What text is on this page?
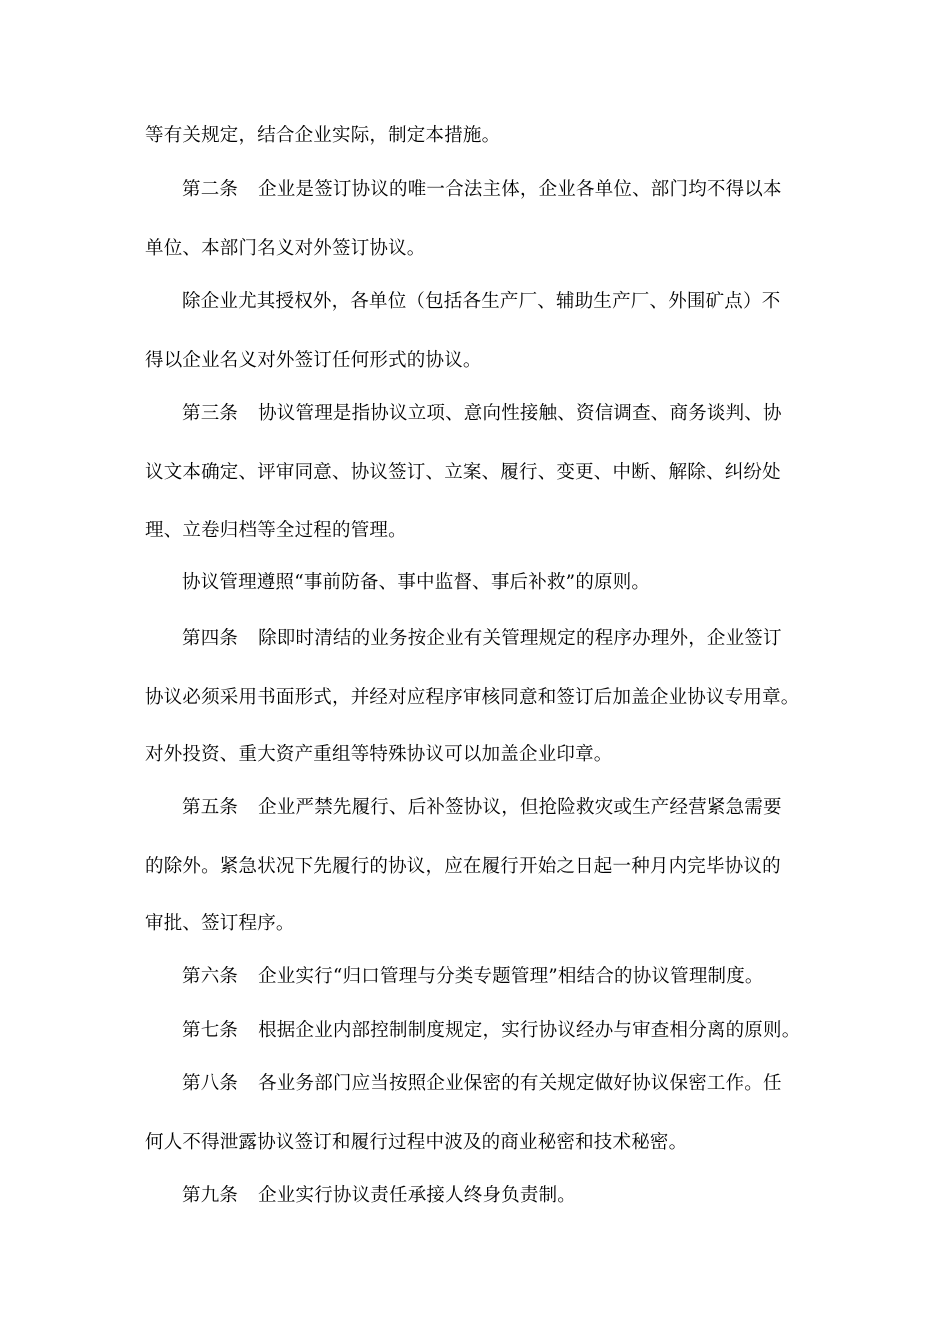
等有关规定，结合企业实际，制定本措施。
第二条 企业是签订协议的唯一合法主体，企业各单位、部门均不得以本
单位、本部门名义对外签订协议。
除企业尤其授权外，各单位（包括各生产厂、辅助生产厂、外围矿点）不
得以企业名义对外签订任何形式的协议。
第三条 协议管理是指协议立项、意向性接触、资信调查、商务谈判、协
议文本确定、评审同意、协议签订、立案、履行、变更、中断、解除、纠纷处
理、立卷归档等全过程的管理。
协议管理遵照“事前防备、事中监督、事后补救”的原则。
第四条 除即时清结的业务按企业有关管理规定的程序办理外，企业签订
协议必须采用书面形式，并经对应程序审核同意和签订后加盖企业协议专用章。
对外投资、重大资产重组等特殊协议可以加盖企业印章。
第五条 企业严禁先履行、后补签协议，但抢险救灾或生产经营紧急需要
的除外。紧急状况下先履行的协议，应在履行开始之日起一种月内完毕协议的
审批、签订程序。
第六条 企业实行“归口管理与分类专题管理”相结合的协议管理制度。
第七条 根据企业内部控制制度规定，实行协议经办与审查相分离的原则。
第八条 各业务部门应当按照企业保密的有关规定做好协议保密工作。任
何人不得泄露协议签订和履行过程中波及的商业秘密和技术秘密。
第九条 企业实行协议责任承接人终身负责制。
